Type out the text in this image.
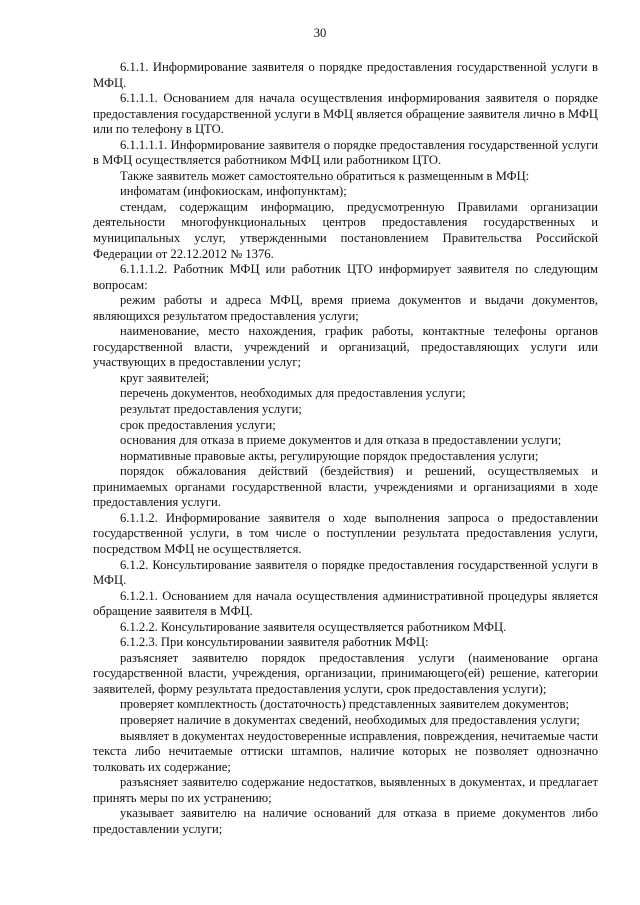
30

6.1.1. Информирование заявителя о порядке предоставления государственной услуги в МФЦ.

6.1.1.1. Основанием для начала осуществления информирования заявителя о порядке предоставления государственной услуги в МФЦ является обращение заявителя лично в МФЦ или по телефону в ЦТО.

6.1.1.1.1. Информирование заявителя о порядке предоставления государственной услуги в МФЦ осуществляется работником МФЦ или работником ЦТО.

Также заявитель может самостоятельно обратиться к размещенным в МФЦ:

инфоматам (инфокиоскам, инфопунктам);

стендам, содержащим информацию, предусмотренную Правилами организации деятельности многофункциональных центров предоставления государственных и муниципальных услуг, утвержденными постановлением Правительства Российской Федерации от 22.12.2012 № 1376.

6.1.1.1.2. Работник МФЦ или работник ЦТО информирует заявителя по следующим вопросам:

режим работы и адреса МФЦ, время приема документов и выдачи документов, являющихся результатом предоставления услуги;

наименование, место нахождения, график работы, контактные телефоны органов государственной власти, учреждений и организаций, предоставляющих услуги или участвующих в предоставлении услуг;

круг заявителей;

перечень документов, необходимых для предоставления услуги;

результат предоставления услуги;

срок предоставления услуги;

основания для отказа в приеме документов и для отказа в предоставлении услуги;

нормативные правовые акты, регулирующие порядок предоставления услуги;

порядок обжалования действий (бездействия) и решений, осуществляемых и принимаемых органами государственной власти, учреждениями и организациями в ходе предоставления услуги.

6.1.1.2. Информирование заявителя о ходе выполнения запроса о предоставлении государственной услуги, в том числе о поступлении результата предоставления услуги, посредством МФЦ не осуществляется.

6.1.2. Консультирование заявителя о порядке предоставления государственной услуги в МФЦ.

6.1.2.1. Основанием для начала осуществления административной процедуры является обращение заявителя в МФЦ.

6.1.2.2. Консультирование заявителя осуществляется работником МФЦ.

6.1.2.3. При консультировании заявителя работник МФЦ:

разъясняет заявителю порядок предоставления услуги (наименование органа государственной власти, учреждения, организации, принимающего(ей) решение, категории заявителей, форму результата предоставления услуги, срок предоставления услуги);

проверяет комплектность (достаточность) представленных заявителем документов;

проверяет наличие в документах сведений, необходимых для предоставления услуги;

выявляет в документах неудостоверенные исправления, повреждения, нечитаемые части текста либо нечитаемые оттиски штампов, наличие которых не позволяет однозначно толковать их содержание;

разъясняет заявителю содержание недостатков, выявленных в документах, и предлагает принять меры по их устранению;

указывает заявителю на наличие оснований для отказа в приеме документов либо предоставлении услуги;
